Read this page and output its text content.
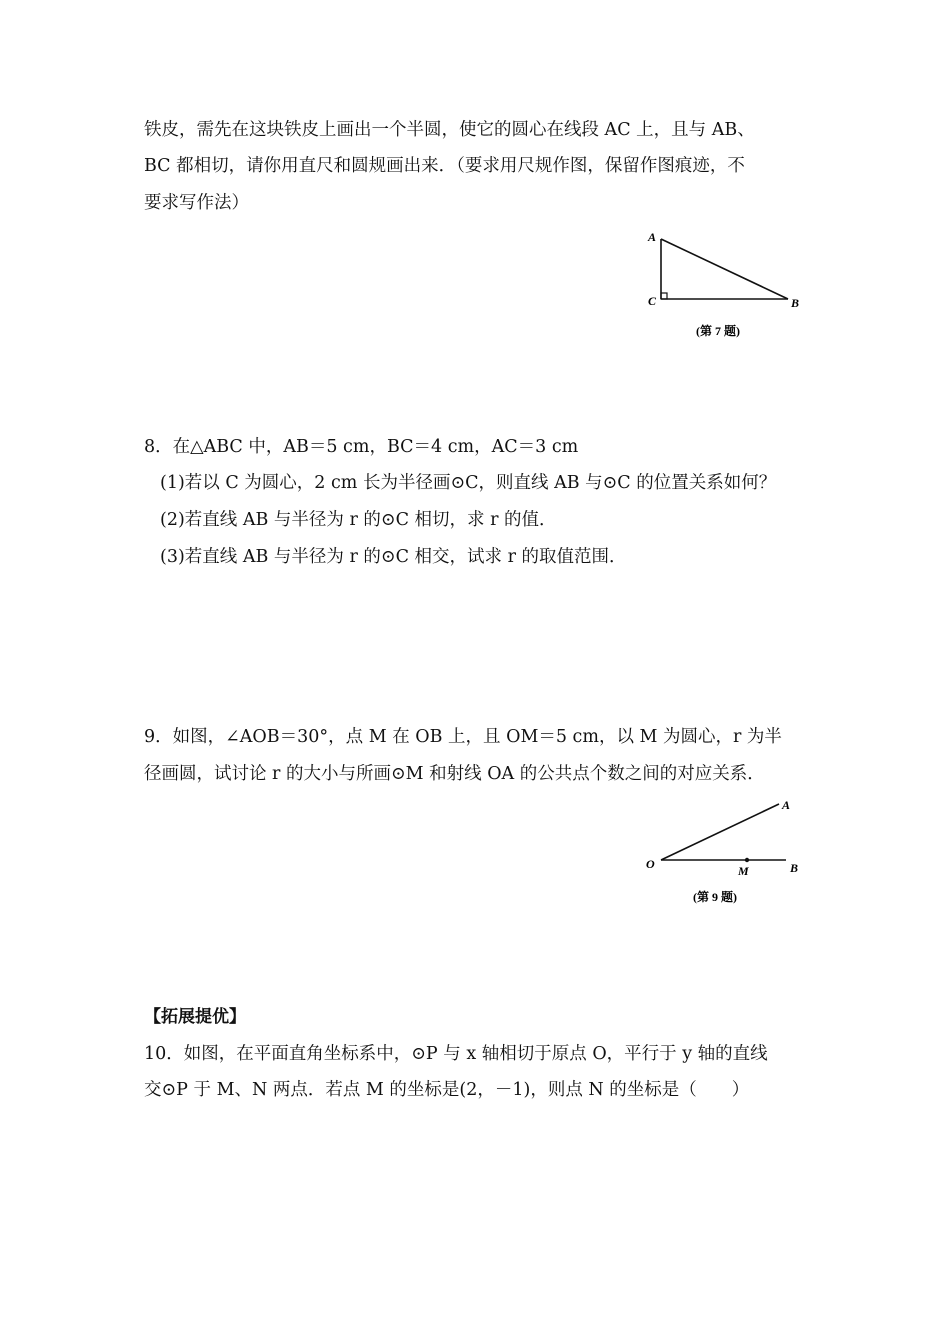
铁皮，需先在这块铁皮上画出一个半圆，使它的圆心在线段 AC 上，且与 AB、
BC 都相切，请你用直尺和圆规画出来．（要求用尺规作图，保留作图痕迹，不
要求写作法）
A
C	B
(第 7 题)
8．在△ABC 中，AB＝5 cm，BC＝4 cm，AC＝3 cm
(1)若以 C 为圆心，2 cm 长为半径画⊙C，则直线 AB 与⊙C 的位置关系如何？
(2)若直线 AB 与半径为 r 的⊙C 相切，求 r 的值．
(3)若直线 AB 与半径为 r 的⊙C 相交，试求 r 的取值范围．
9．如图，∠AOB＝30°，点 M 在 OB 上，且 OM＝5 cm，以 M 为圆心，r 为半
径画圆，试讨论 r 的大小与所画⊙M 和射线 OA 的公共点个数之间的对应关系．
O
A
M	B
(第 9 题)
【拓展提优】
10．如图，在平面直角坐标系中，⊙P 与 x 轴相切于原点 O，平行于 y 轴的直线
交⊙P 于 M、N 两点．若点 M 的坐标是(2，－1)，则点 N 的坐标是（　　）
